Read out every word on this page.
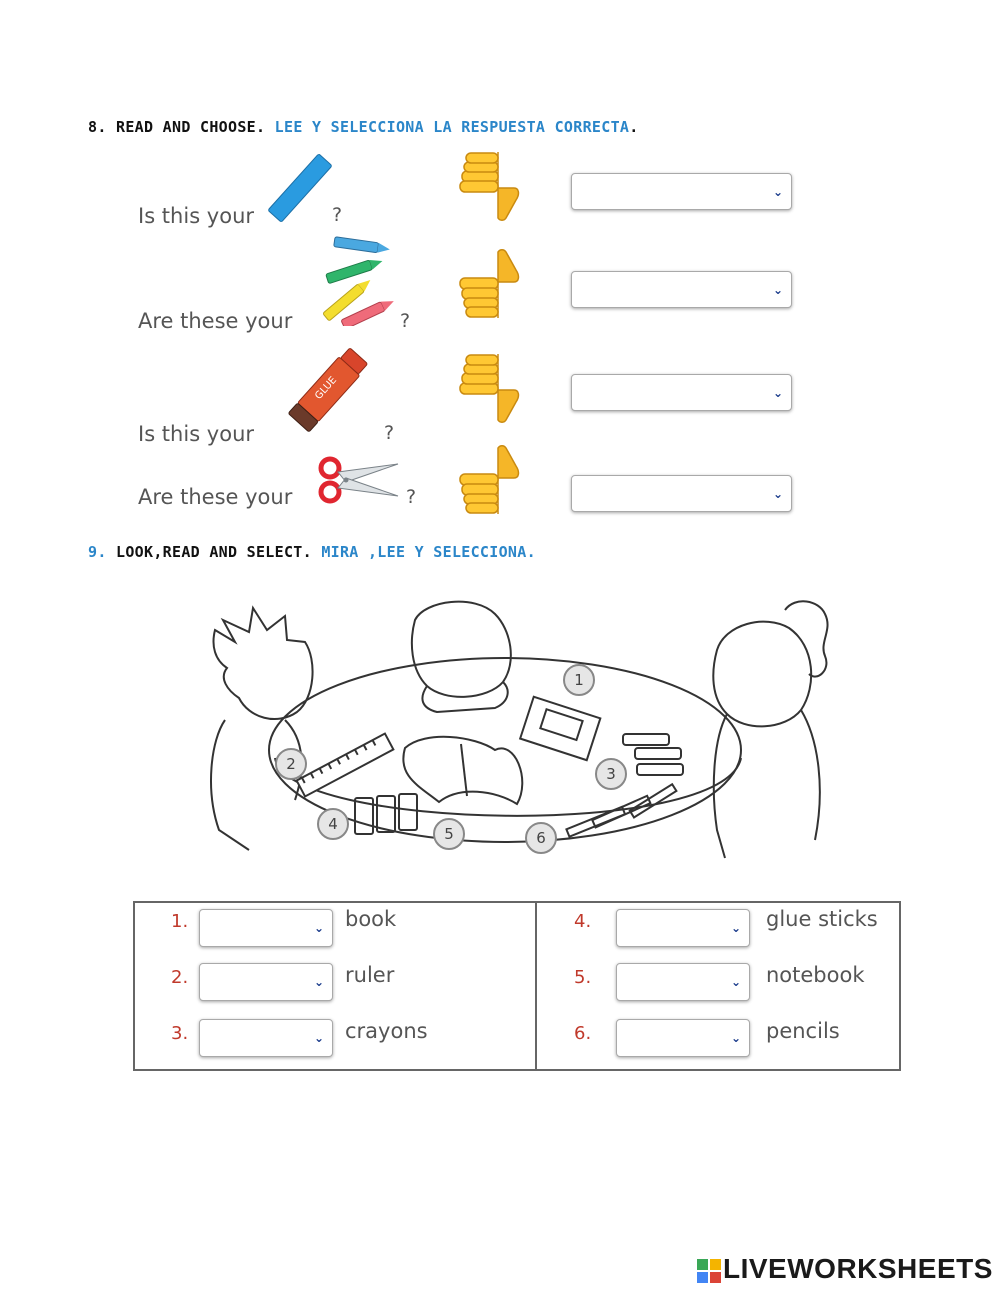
8. READ AND CHOOSE. LEE Y SELECCIONA LA RESPUESTA CORRECTA.
Is this your	?
⌄
Are these your	?
⌄
GLUE
Is this your	?
⌄
Are these your	?	⌄
9. LOOK,READ AND SELECT. MIRA ,LEE Y SELECCIONA.
1
2
3
4
5	6
1.	⌄ book
2.	⌄ ruler
3.	⌄ crayons
4.	⌄ glue sticks
5.	⌄ notebook
6.	⌄ pencils
LIVEWORKSHEETS
